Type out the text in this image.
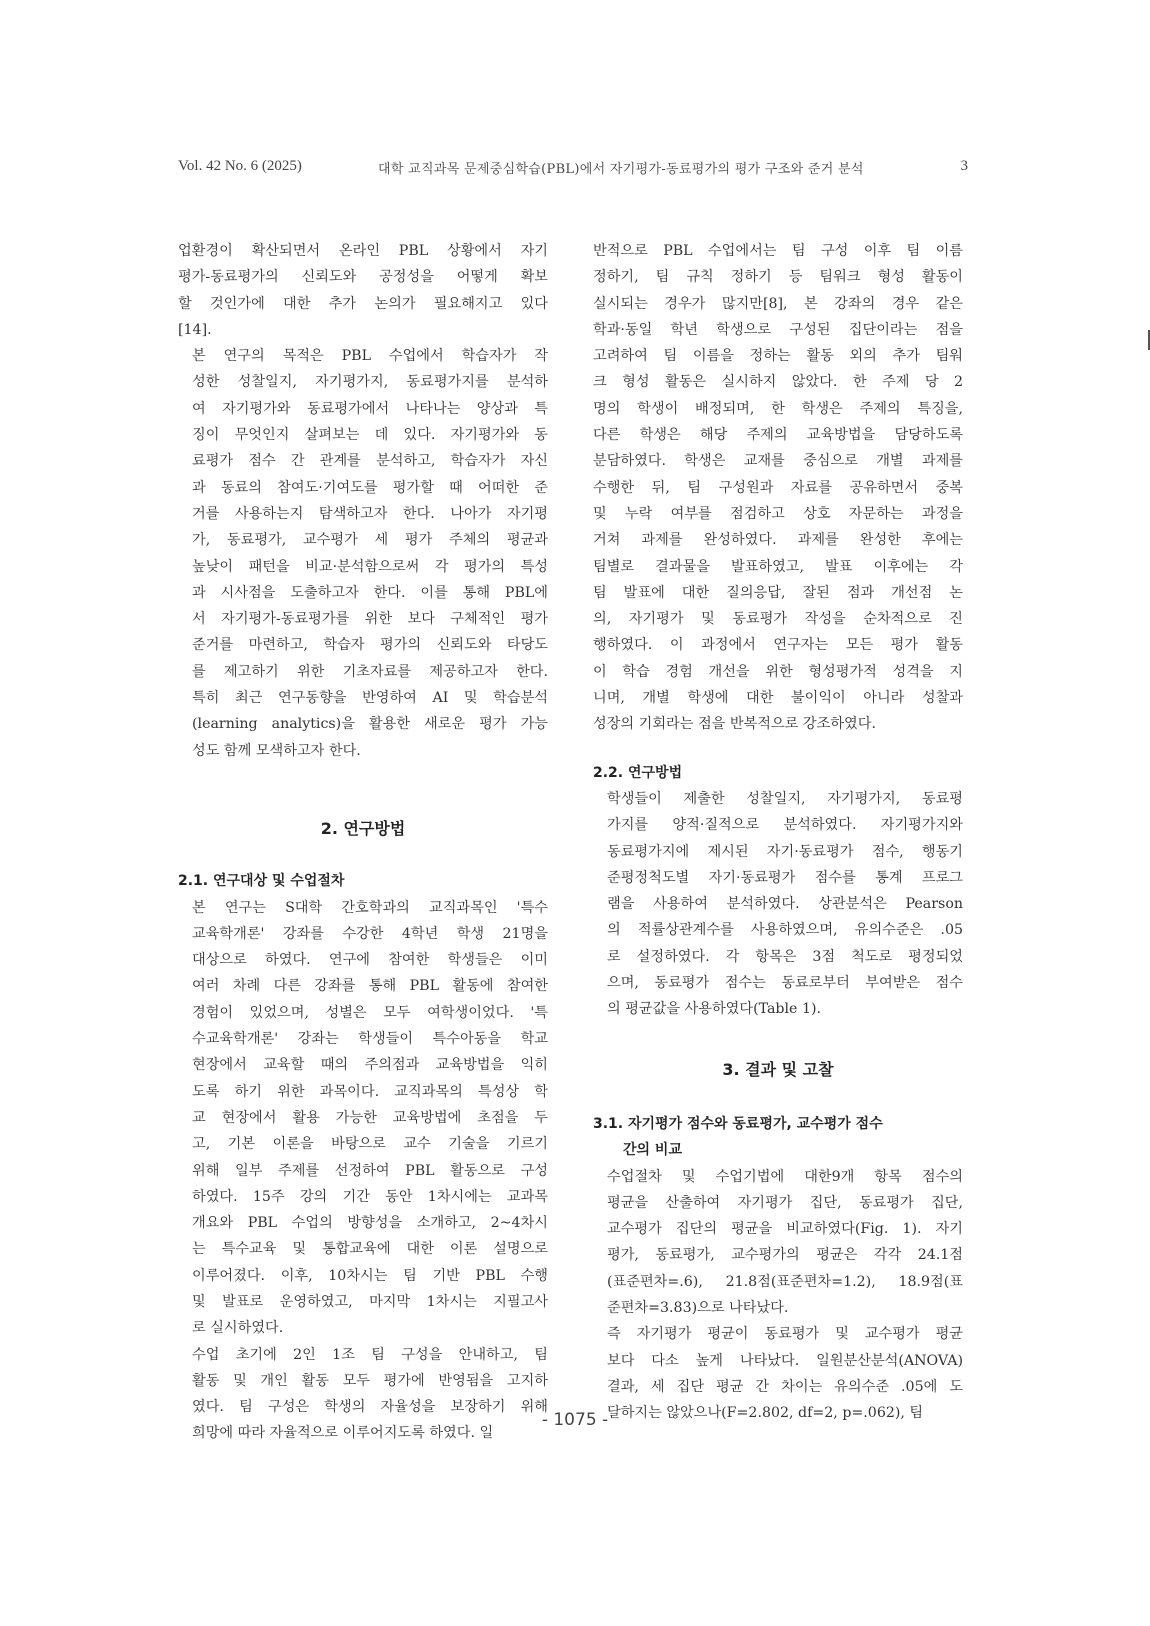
Vol. 42 No. 6 (2025)	대학 교직과목 문제중심학습(PBL)에서 자기평가-동료평가의 평가 구조와 준거 분석	3

업환경이 확산되면서 온라인 PBL 상황에서 자기
평가-동료평가의 신뢰도와 공정성을 어떻게 확보
할 것인가에 대한 추가 논의가 필요해지고 있다
[14].

본 연구의 목적은 PBL 수업에서 학습자가 작
성한 성찰일지, 자기평가지, 동료평가지를 분석하
여 자기평가와 동료평가에서 나타나는 양상과 특
징이 무엇인지 살펴보는 데 있다. 자기평가와 동
료평가 점수 간 관계를 분석하고, 학습자가 자신
과 동료의 참여도·기여도를 평가할 때 어떠한 준
거를 사용하는지 탐색하고자 한다. 나아가 자기평
가, 동료평가, 교수평가 세 평가 주체의 평균과
높낮이 패턴을 비교·분석함으로써 각 평가의 특성
과 시사점을 도출하고자 한다. 이를 통해 PBL에
서 자기평가-동료평가를 위한 보다 구체적인 평가
준거를 마련하고, 학습자 평가의 신뢰도와 타당도
를 제고하기 위한 기초자료를 제공하고자 한다.
특히 최근 연구동향을 반영하여 AI 및 학습분석
(learning analytics)을 활용한 새로운 평가 가능
성도 함께 모색하고자 한다.

2. 연구방법
2.1. 연구대상 및 수업절차

본 연구는 S대학 간호학과의 교직과목인 '특수
교육학개론' 강좌를 수강한 4학년 학생 21명을
대상으로 하였다. 연구에 참여한 학생들은 이미
여러 차례 다른 강좌를 통해 PBL 활동에 참여한
경험이 있었으며, 성별은 모두 여학생이었다. '특
수교육학개론' 강좌는 학생들이 특수아동을 학교
현장에서 교육할 때의 주의점과 교육방법을 익히
도록 하기 위한 과목이다. 교직과목의 특성상 학
교 현장에서 활용 가능한 교육방법에 초점을 두
고, 기본 이론을 바탕으로 교수 기술을 기르기
위해 일부 주제를 선정하여 PBL 활동으로 구성
하였다. 15주 강의 기간 동안 1차시에는 교과목
개요와 PBL 수업의 방향성을 소개하고, 2~4차시
는 특수교육 및 통합교육에 대한 이론 설명으로
이루어졌다. 이후, 10차시는 팀 기반 PBL 수행
및 발표로 운영하였고, 마지막 1차시는 지필고사
로 실시하였다.

수업 초기에 2인 1조 팀 구성을 안내하고, 팀
활동 및 개인 활동 모두 평가에 반영됨을 고지하
였다. 팀 구성은 학생의 자율성을 보장하기 위해
희망에 따라 자율적으로 이루어지도록 하였다. 일

반적으로 PBL 수업에서는 팀 구성 이후 팀 이름
정하기, 팀 규칙 정하기 등 팀워크 형성 활동이
실시되는 경우가 많지만[8], 본 강좌의 경우 같은
학과·동일 학년 학생으로 구성된 집단이라는 점을
고려하여 팀 이름을 정하는 활동 외의 추가 팀워
크 형성 활동은 실시하지 않았다. 한 주제 당 2
명의 학생이 배정되며, 한 학생은 주제의 특징을,
다른 학생은 해당 주제의 교육방법을 담당하도록
분담하였다. 학생은 교재를 중심으로 개별 과제를
수행한 뒤, 팀 구성원과 자료를 공유하면서 중복
및 누락 여부를 점검하고 상호 자문하는 과정을
거쳐 과제를 완성하였다. 과제를 완성한 후에는
팀별로 결과물을 발표하였고, 발표 이후에는 각
팀 발표에 대한 질의응답, 잘된 점과 개선점 논
의, 자기평가 및 동료평가 작성을 순차적으로 진
행하였다. 이 과정에서 연구자는 모든 평가 활동
이 학습 경험 개선을 위한 형성평가적 성격을 지
니며, 개별 학생에 대한 불이익이 아니라 성찰과
성장의 기회라는 점을 반복적으로 강조하였다.

2.2. 연구방법

학생들이 제출한 성찰일지, 자기평가지, 동료평
가지를 양적·질적으로 분석하였다. 자기평가지와
동료평가지에 제시된 자기·동료평가 점수, 행동기
준평정척도별 자기·동료평가 점수를 통계 프로그
램을 사용하여 분석하였다. 상관분석은 Pearson
의 적률상관계수를 사용하였으며, 유의수준은 .05
로 설정하였다. 각 항목은 3점 척도로 평정되었
으며, 동료평가 점수는 동료로부터 부여받은 점수
의 평균값을 사용하였다(Table 1).

3. 결과 및 고찰
3.1. 자기평가 점수와 동료평가, 교수평가 점수
간의 비교

수업절차 및 수업기법에 대한9개 항목 점수의
평균을 산출하여 자기평가 집단, 동료평가 집단,
교수평가 집단의 평균을 비교하였다(Fig. 1). 자기
평가, 동료평가, 교수평가의 평균은 각각 24.1점
(표준편차=.6), 21.8점(표준편차=1.2), 18.9점(표
준편차=3.83)으로 나타났다.

즉 자기평가 평균이 동료평가 및 교수평가 평균
보다 다소 높게 나타났다. 일원분산분석(ANOVA)
결과, 세 집단 평균 간 차이는 유의수준 .05에 도
달하지는 않았으나(F=2.802, df=2, p=.062), 팀

- 1075 -
